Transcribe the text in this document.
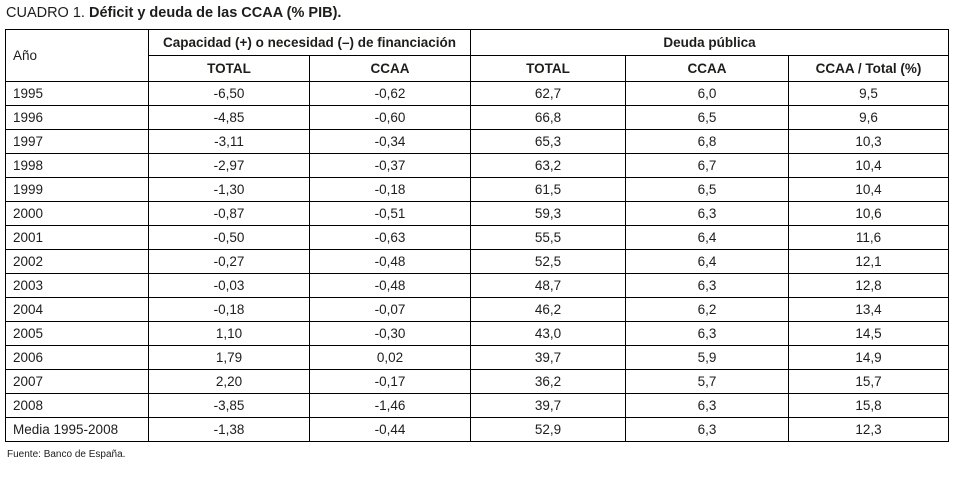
CUADRO 1. Déficit y deuda de las CCAA (% PIB).
Año	Capacidad (+) o necesidad (–) de financiación		Deuda pública		
	TOTAL	CCAA	TOTAL	CCAA	CCAA / Total (%)
1995	-6,50	-0,62	62,7	6,0	9,5
1996	-4,85	-0,60	66,8	6,5	9,6
1997	-3,11	-0,34	65,3	6,8	10,3
1998	-2,97	-0,37	63,2	6,7	10,4
1999	-1,30	-0,18	61,5	6,5	10,4
2000	-0,87	-0,51	59,3	6,3	10,6
2001	-0,50	-0,63	55,5	6,4	11,6
2002	-0,27	-0,48	52,5	6,4	12,1
2003	-0,03	-0,48	48,7	6,3	12,8
2004	-0,18	-0,07	46,2	6,2	13,4
2005	1,10	-0,30	43,0	6,3	14,5
2006	1,79	0,02	39,7	5,9	14,9
2007	2,20	-0,17	36,2	5,7	15,7
2008	-3,85	-1,46	39,7	6,3	15,8
Media 1995-2008	-1,38	-0,44	52,9	6,3	12,3
Fuente: Banco de España.
